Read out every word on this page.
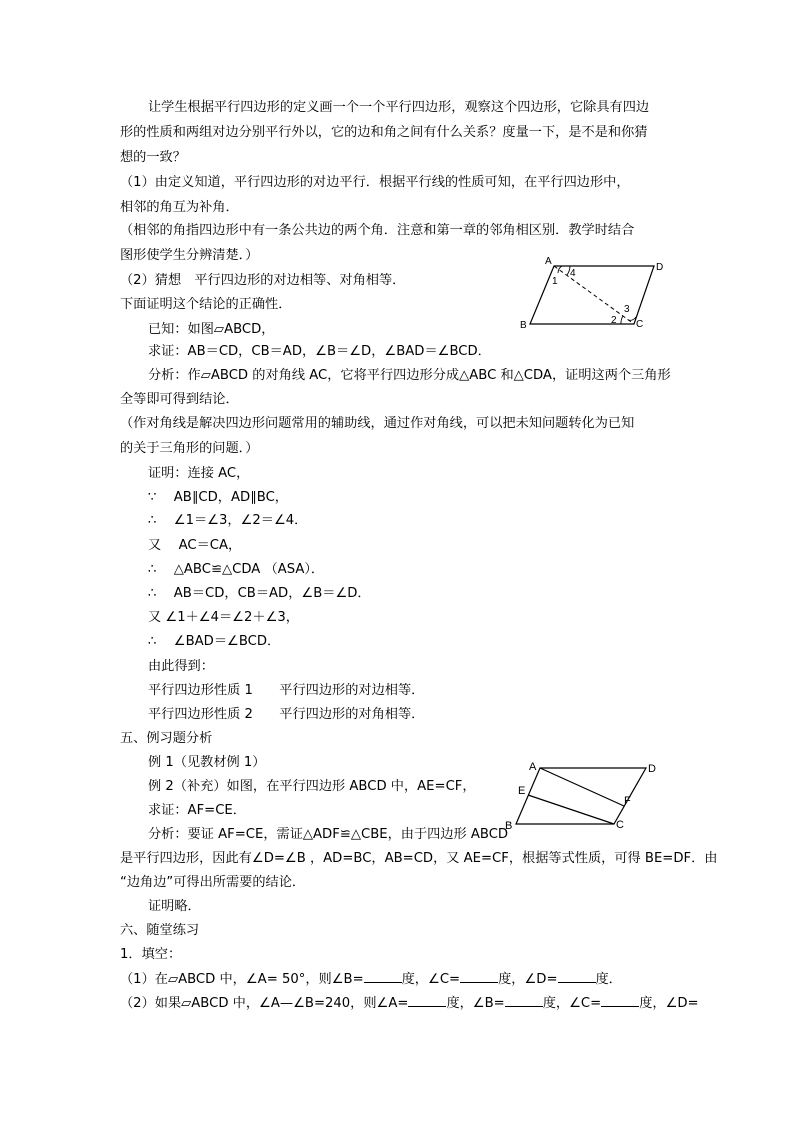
让学生根据平行四边形的定义画一个一个平行四边形，观察这个四边形，它除具有四边
形的性质和两组对边分别平行外以，它的边和角之间有什么关系？度量一下，是不是和你猜
想的一致？
（1）由定义知道，平行四边形的对边平行．根据平行线的性质可知，在平行四边形中，
相邻的角互为补角．
（相邻的角指四边形中有一条公共边的两个角．注意和第一章的邻角相区别．教学时结合
图形使学生分辨清楚．）
（2）猜想　平行四边形的对边相等、对角相等．
下面证明这个结论的正确性．
已知：如图▱ABCD，
求证：AB＝CD，CB＝AD，∠B＝∠D，∠BAD＝∠BCD．
分析：作▱ABCD 的对角线 AC，它将平行四边形分成△ABC 和△CDA，证明这两个三角形
全等即可得到结论．
（作对角线是解决四边形问题常用的辅助线，通过作对角线，可以把未知问题转化为已知
的关于三角形的问题．）
证明：连接 AC，
∵　 AB∥CD，AD∥BC，
∴　 ∠1＝∠3，∠2＝∠4．
又　 AC＝CA，
∴　 △ABC≌△CDA （ASA）．
∴　 AB＝CD，CB＝AD，∠B＝∠D．
又 ∠1＋∠4＝∠2＋∠3，
∴　 ∠BAD＝∠BCD．
由此得到：
平行四边形性质 1　　平行四边形的对边相等．
平行四边形性质 2　　平行四边形的对角相等．
五、例习题分析
例 1（见教材例 1）
例 2（补充）如图，在平行四边形 ABCD 中，AE=CF，
求证：AF=CE．
分析：要证 AF=CE，需证△ADF≌△CBE，由于四边形 ABCD
是平行四边形，因此有∠D=∠B ，AD=BC，AB=CD，又 AE=CF，根据等式性质，可得 BE=DF．由
“边角边”可得出所需要的结论．
证明略．
六、随堂练习
1．填空：
（1）在▱ABCD 中，∠A= 50°，则∠B=	度，∠C=	度，∠D=	度．
（2）如果▱ABCD 中，∠A—∠B=240，则∠A=	度，∠B=	度，∠C=	度，∠D=
A
D
B	C
1
4
2
3
A	D
B	C
E
F
